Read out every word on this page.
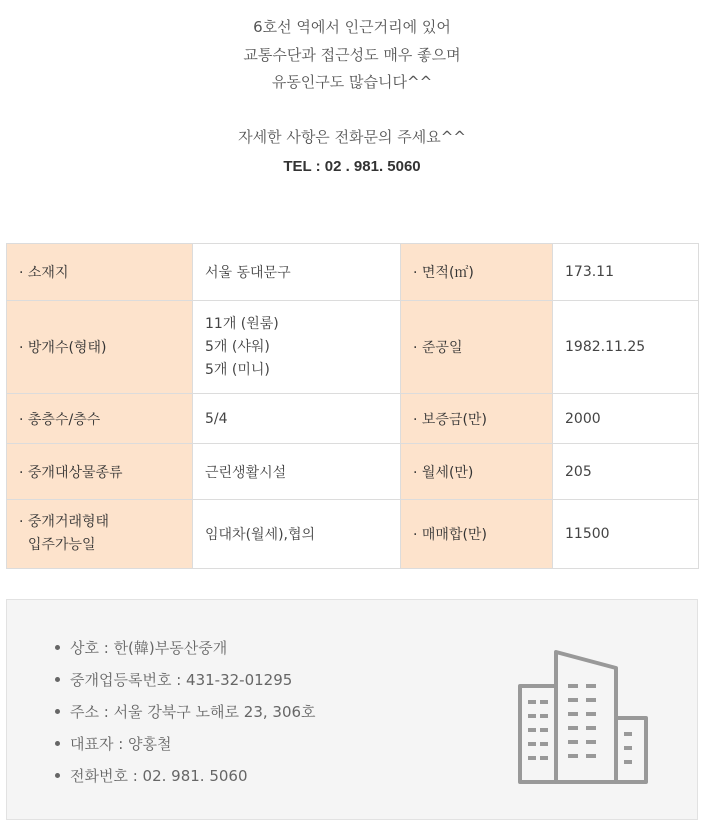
6호선 역에서 인근거리에 있어
교통수단과 접근성도 매우 좋으며
유동인구도 많습니다^^
자세한 사항은 전화문의 주세요^^
TEL : 02 . 981. 5060
· 소재지	서울 동대문구	· 면적(㎡)	173.11
· 방개수(형태)	11개 (원룸)
5개 (샤워)
5개 (미니)	· 준공일	1982.11.25
· 총층수/층수	5/4	· 보증금(만)	2000
· 중개대상물종류	근린생활시설	· 월세(만)	205

· 중개거래형태
입주가능일	임대차(월세),협의	· 매매합(만)	11500
상호 : 한(韓)부동산중개
중개업등록번호 : 431-32-01295
주소 : 서울 강북구 노해로 23, 306호
대표자 : 양홍철
전화번호 : 02. 981. 5060
